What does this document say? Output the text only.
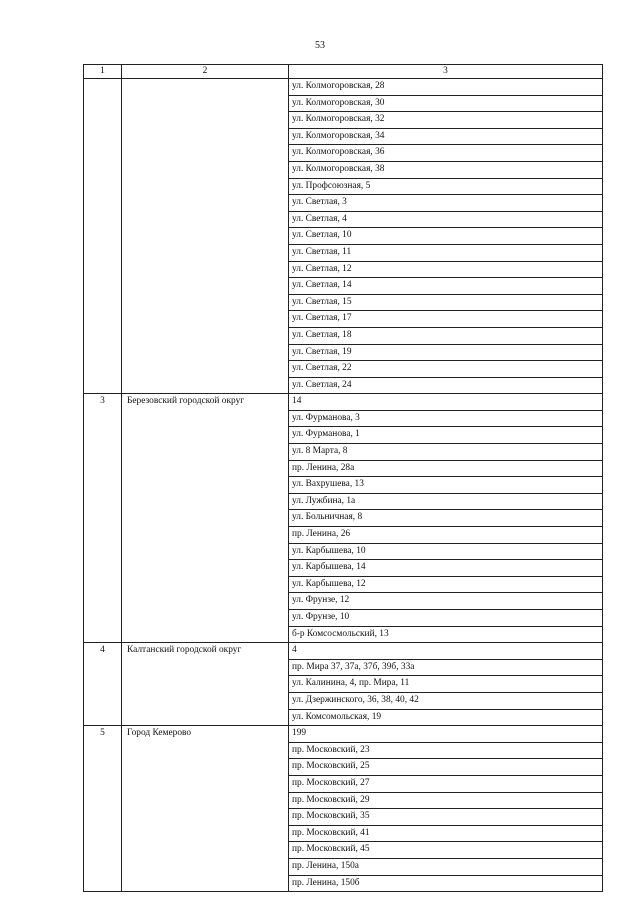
53
1	2	3
		ул. Колмогоровская, 28
		ул. Колмогоровская, 30
		ул. Колмогоровская, 32
		ул. Колмогоровская, 34
		ул. Колмогоровская, 36
		ул. Колмогоровская, 38
		ул. Профсоюзная, 5
		ул. Светлая, 3
		ул. Светлая, 4
		ул. Светлая, 10
		ул. Светлая, 11
		ул. Светлая, 12
		ул. Светлая, 14
		ул. Светлая, 15
		ул. Светлая, 17
		ул. Светлая, 18
		ул. Светлая, 19
		ул. Светлая, 22
		ул. Светлая, 24
3	Березовский городской округ	14
		ул. Фурманова, 3
		ул. Фурманова, 1
		ул. 8 Марта, 8
		пр. Ленина, 28а
		ул. Вахрушева, 13
		ул. Лужбина, 1а
		ул. Больничная, 8
		пр. Ленина, 26
		ул. Карбышева, 10
		ул. Карбышева, 14
		ул. Карбышева, 12
		ул. Фрунзе, 12
		ул. Фрунзе, 10
		б-р Комсосмольский, 13
4	Калтанский городской округ	4
		пр. Мира 37, 37а, 37б, 39б, 33а
		ул. Калинина, 4, пр. Мира, 11
		ул. Дзержинского, 36, 38, 40, 42
		ул. Комсомольская, 19
5	Город Кемерово	199
		пр. Московский, 23
		пр. Московский, 25
		пр. Московский, 27
		пр. Московский, 29
		пр. Московский, 35
		пр. Московский, 41
		пр. Московский, 45
		пр. Ленина, 150а
		пр. Ленина, 150б
